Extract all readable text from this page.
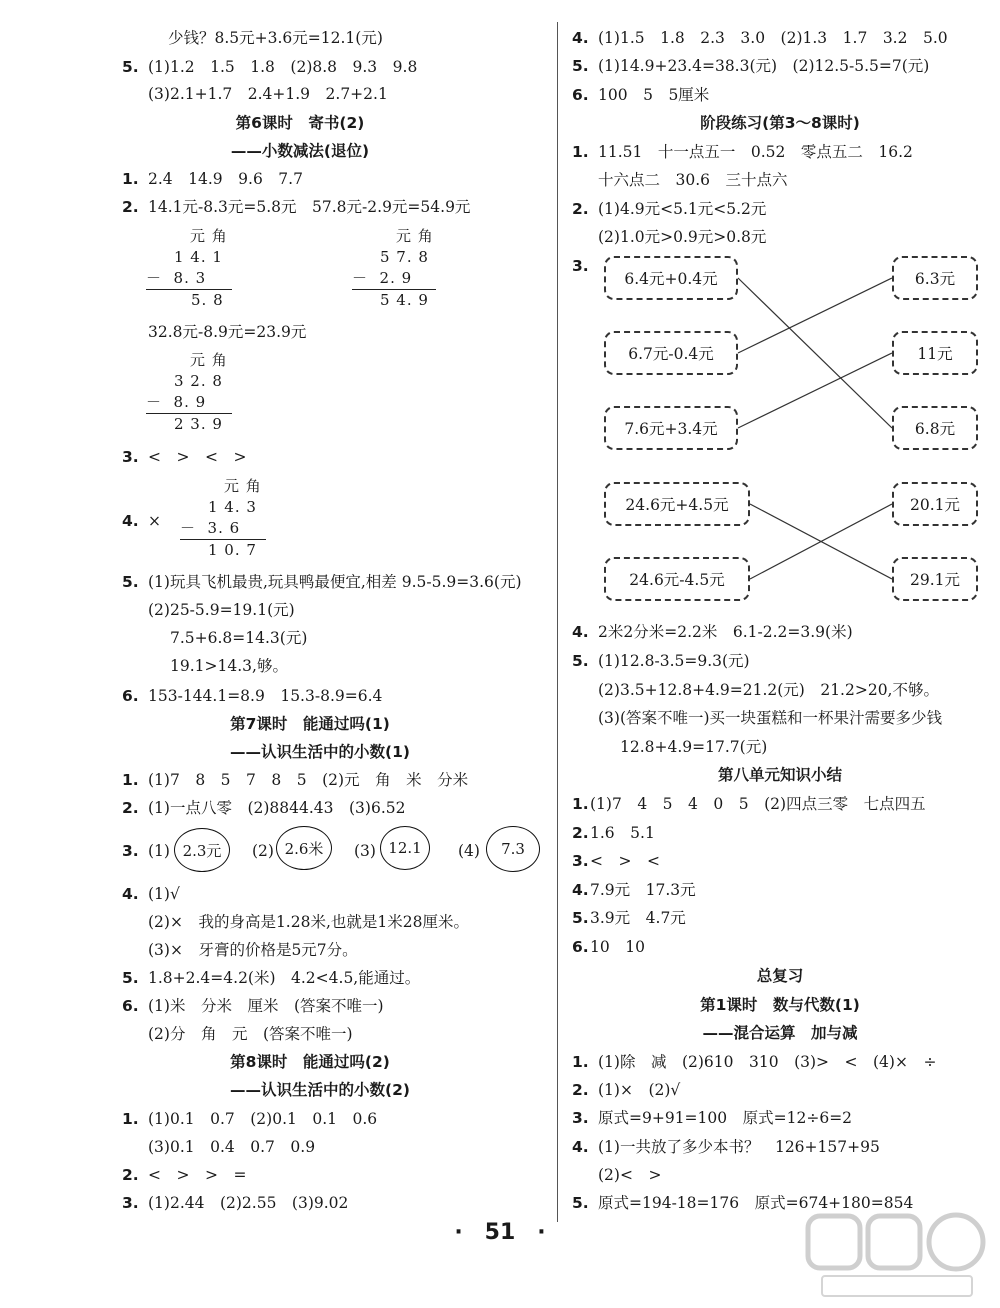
少钱？8.5元+3.6元=12.1(元)
5. (1)1.2　1.5　1.8　(2)8.8　9.3　9.8
(3)2.1+1.7　2.4+1.9　2.7+2.1
第6课时　寄书(2)
——小数减法(退位)
1. 2.4　14.9　9.6　7.7
2. 14.1元-8.3元=5.8元　57.8元-2.9元=54.9元
元 角
1 4. 1
－  8. 3
5. 8
元 角
5 7. 8
－  2. 9
5 4. 9
32.8元-8.9元=23.9元
元 角
3 2. 8
－  8. 9
2 3. 9
3. <　>　<　>
4. ×
元 角
1 4. 3
－  3. 6
1 0. 7
5. (1)玩具飞机最贵,玩具鸭最便宜,相差 9.5-5.9=3.6(元)
(2)25-5.9=19.1(元)
7.5+6.8=14.3(元)
19.1>14.3,够。
6. 153-144.1=8.9　15.3-8.9=6.4
第7课时　能通过吗(1)
——认识生活中的小数(1)
1. (1)7　8　5　7　8　5　(2)元　角　米　分米
2. (1)一点八零　(2)8844.43　(3)6.52
3. (1) 2.3元	(2) 2.6米	(3) 12.1	(4)	7.3
4. (1)√
(2)×　我的身高是1.28米,也就是1米28厘米。
(3)×　牙膏的价格是5元7分。
5. 1.8+2.4=4.2(米)　4.2<4.5,能通过。
6. (1)米　分米　厘米　(答案不唯一)
(2)分　角　元　(答案不唯一)
第8课时　能通过吗(2)
——认识生活中的小数(2)
1. (1)0.1　0.7　(2)0.1　0.1　0.6
(3)0.1　0.4　0.7　0.9
2. <　>　>　=
3. (1)2.44　(2)2.55　(3)9.02
4. (1)1.5　1.8　2.3　3.0　(2)1.3　1.7　3.2　5.0
5. (1)14.9+23.4=38.3(元)　(2)12.5-5.5=7(元)
6. 100　5　5厘米
阶段练习(第3～8课时)
1. 11.51　十一点五一　0.52　零点五二　16.2
十六点二　30.6　三十点六
2. (1)4.9元<5.1元<5.2元
(2)1.0元>0.9元>0.8元
3.
6.4元+0.4元
6.7元-0.4元
7.6元+3.4元
24.6元+4.5元
24.6元-4.5元
6.3元
11元
6.8元
20.1元
29.1元
4. 2米2分米=2.2米　6.1-2.2=3.9(米)
5. (1)12.8-3.5=9.3(元)
(2)3.5+12.8+4.9=21.2(元)　21.2>20,不够。
(3)(答案不唯一)买一块蛋糕和一杯果汁需要多少钱
12.8+4.9=17.7(元)
第八单元知识小结
1. (1)7　4　5　4　0　5　(2)四点三零　七点四五
2. 1.6　5.1
3. <　>　<
4. 7.9元　17.3元
5. 3.9元　4.7元
6. 10　10
总复习
第1课时　数与代数(1)
——混合运算　加与减
1. (1)除　减　(2)610　310　(3)>　<　(4)×　÷
2. (1)×　(2)√
3. 原式=9+91=100　原式=12÷6=2
4. (1)一共放了多少本书？　126+157+95
(2)<　>
5. 原式=194-18=176　原式=674+180=854
·　51　·
